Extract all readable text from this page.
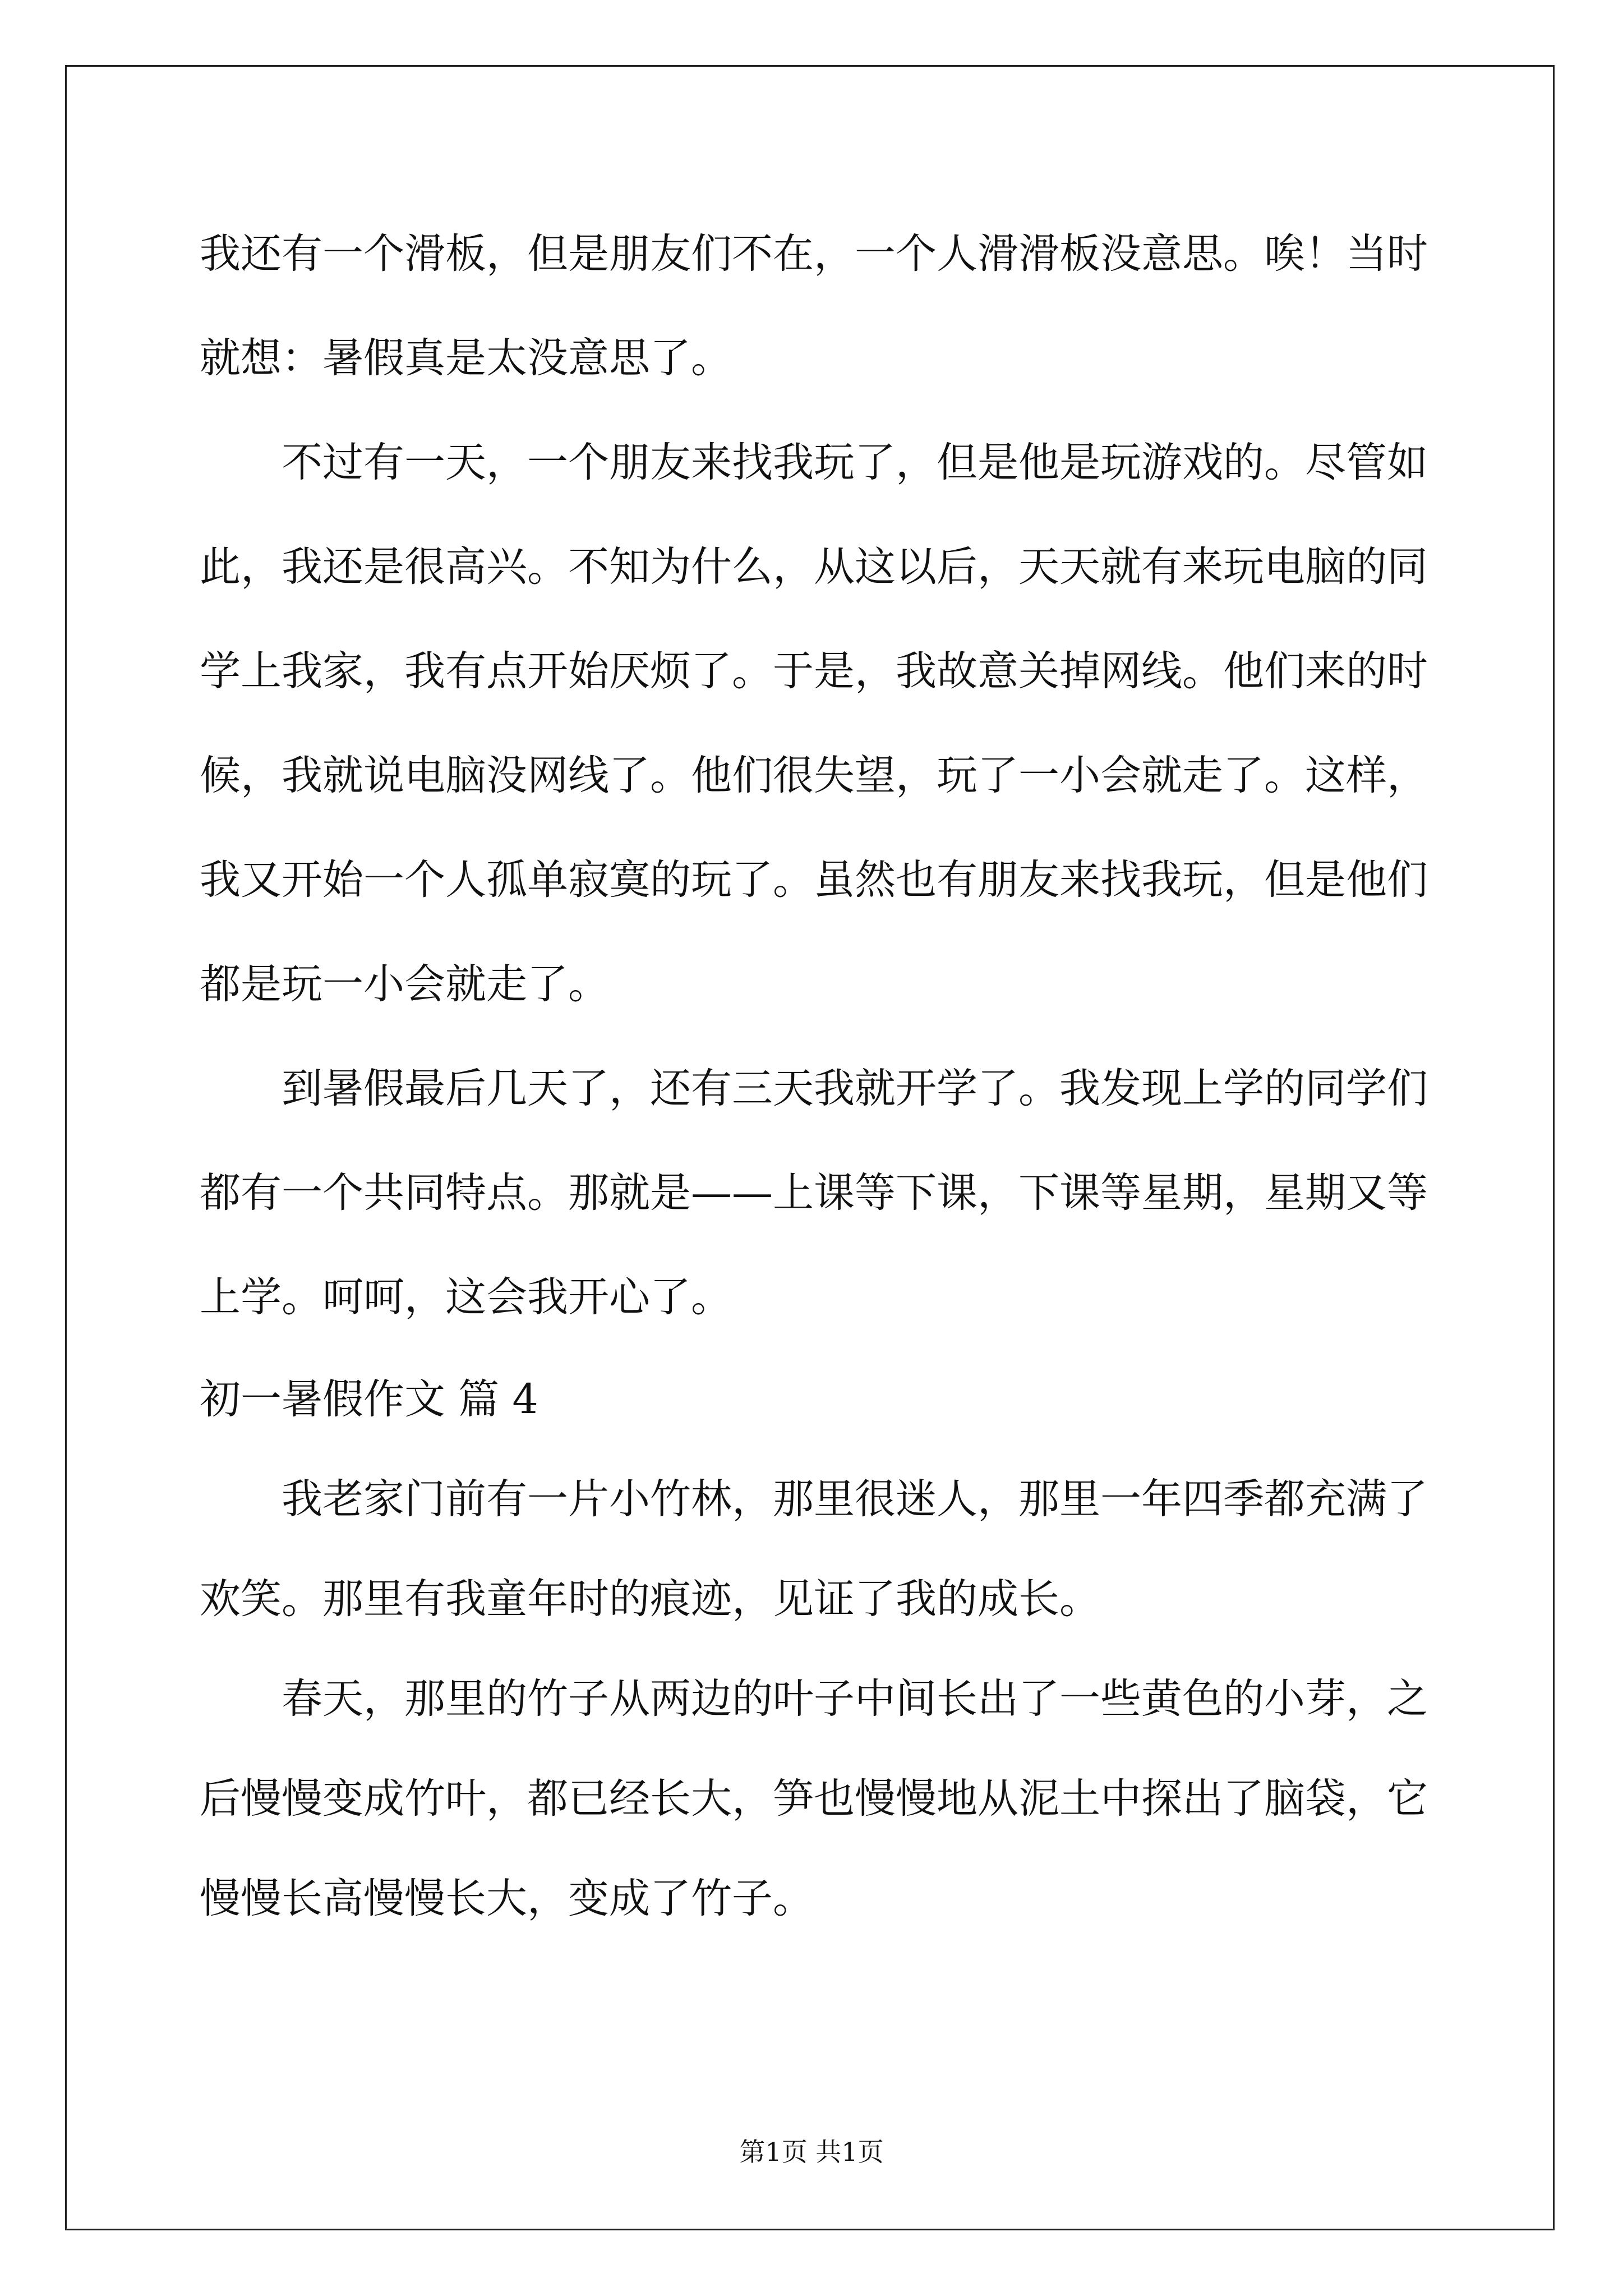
我还有一个滑板，但是朋友们不在，一个人滑滑板没意思。唉！当时就想：暑假真是太没意思了。

不过有一天，一个朋友来找我玩了，但是他是玩游戏的。尽管如此，我还是很高兴。不知为什么，从这以后，天天就有来玩电脑的同学上我家，我有点开始厌烦了。于是，我故意关掉网线。他们来的时候，我就说电脑没网线了。他们很失望，玩了一小会就走了。这样，我又开始一个人孤单寂寞的玩了。虽然也有朋友来找我玩，但是他们都是玩一小会就走了。

到暑假最后几天了，还有三天我就开学了。我发现上学的同学们都有一个共同特点。那就是——上课等下课，下课等星期，星期又等上学。呵呵，这会我开心了。

初一暑假作文 篇 4

我老家门前有一片小竹林，那里很迷人，那里一年四季都充满了欢笑。那里有我童年时的痕迹，见证了我的成长。

春天，那里的竹子从两边的叶子中间长出了一些黄色的小芽，之后慢慢变成竹叶，都已经长大，笋也慢慢地从泥土中探出了脑袋，它慢慢长高慢慢长大，变成了竹子。

第1页 共1页
